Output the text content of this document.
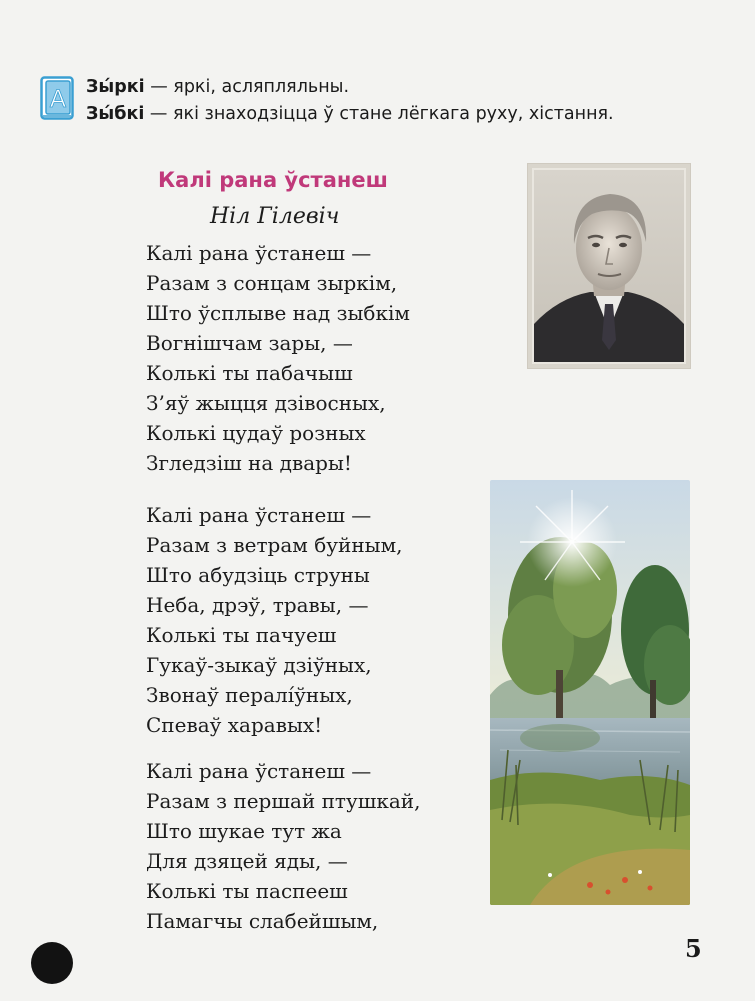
А Зы́ркі — яркі, асляпляльны.
Зы́бкі — які знаходзіцца ў стане лёгкага руху, хістання.
Калі рана ўстанеш
Ніл Гілевіч
Калі рана ўстанеш —
Разам з сонцам зыркім,
Што ўсплыве над зыбкім
Вогнішчам зары, —
Колькі ты пабачыш
З’яў жыцця дзівосных,
Колькі цудаў розных
Згледзіш на двары!
Калі рана ўстанеш —
Разам з ветрам буйным,
Што абудзіць струны
Неба, дрэў, травы, —
Колькі ты пачуеш
Гукаў-зыкаў дзіўных,
Звонаў пералíўных,
Спеваў харавых!
Калі рана ўстанеш —
Разам з першай птушкай,
Што шукае тут жа
Для дзяцей яды, —
Колькі ты паспееш
Памагчы слабейшым,
5
